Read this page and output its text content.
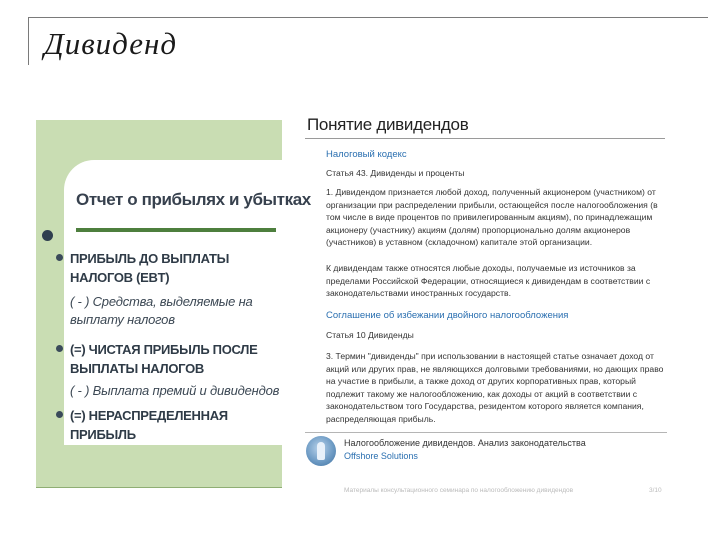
Дивиденд
Отчет о прибылях и убытках
ПРИБЫЛЬ ДО ВЫПЛАТЫ НАЛОГОВ (EBT)
( - ) Средства, выделяемые на выплату налогов
(=) ЧИСТАЯ ПРИБЫЛЬ ПОСЛЕ ВЫПЛАТЫ НАЛОГОВ
( - ) Выплата премий и дивидендов
(=) НЕРАСПРЕДЕЛЕННАЯ ПРИБЫЛЬ
Понятие дивидендов
Налоговый кодекс
Статья 43. Дивиденды и проценты
1. Дивидендом признается любой доход, полученный акционером (участником) от организации при распределении прибыли, остающейся после налогообложения (в том числе в виде процентов по привилегированным акциям), по принадлежащим акционеру (участнику) акциям (долям) пропорционально долям акционеров (участников) в уставном (складочном) капитале этой организации.
К дивидендам также относятся любые доходы, получаемые из источников за пределами Российской Федерации, относящиеся к дивидендам в соответствии с законодательствами иностранных государств.
Соглашение об избежании двойного налогообложения
Статья 10 Дивиденды
3. Термин "дивиденды" при использовании в настоящей статье означает доход от акций или других прав, не являющихся долговыми требованиями, но дающих право на участие в прибыли, а также доход от других корпоративных прав, который подлежит такому же налогообложению, как доходы от акций в соответствии с законодательством того Государства, резидентом которого является компания, распределяющая прибыль.
Налогообложение дивидендов. Анализ законодательства
Offshore Solutions
Материалы консультационного семинара по налогообложению дивидендов	3/10
